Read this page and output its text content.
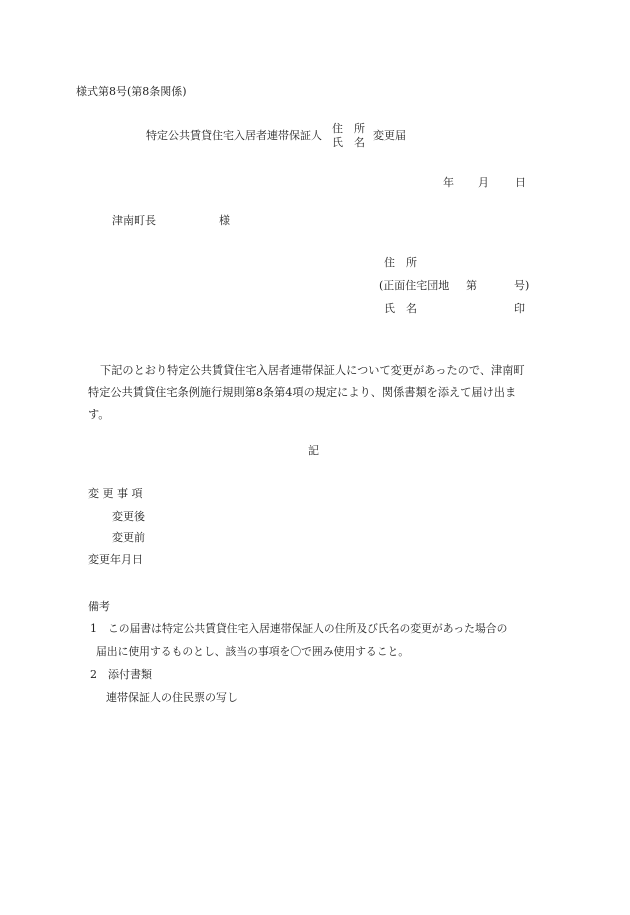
様式第8号(第8条関係)
特定公共賃貸住宅入居者連帯保証人
住　所
氏　名
変更届
年 月 日
津南町長	様
住　所
(正面住宅団地 第	号)
氏　名	印
下記のとおり特定公共賃貸住宅入居者連帯保証人について変更があったので、津南町
特定公共賃貸住宅条例施行規則第8条第4項の規定により、関係書類を添えて届け出ま
す。
記
変 更 事 項
変更後
変更前
変更年月日
備考
1 この届書は特定公共賃貸住宅入居連帯保証人の住所及び氏名の変更があった場合の
届出に使用するものとし、該当の事項を〇で囲み使用すること。
2 添付書類
連帯保証人の住民票の写し
